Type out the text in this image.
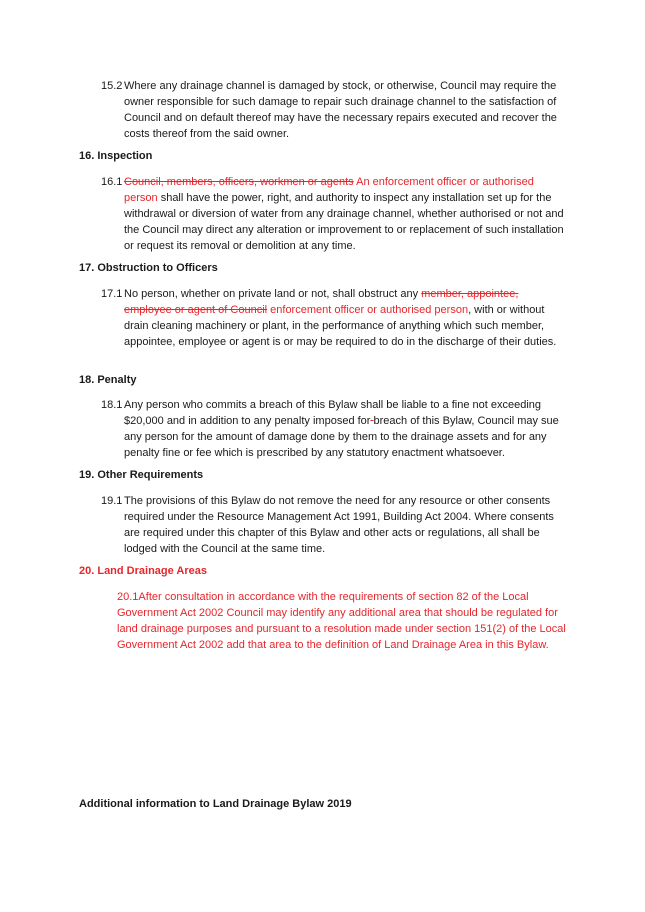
15.2 Where any drainage channel is damaged by stock, or otherwise, Council may require the owner responsible for such damage to repair such drainage channel to the satisfaction of Council and on default thereof may have the necessary repairs executed and recover the costs thereof from the said owner.

16. Inspection
16.1 Council, members, officers, workmen or agents An enforcement officer or authorised person shall have the power, right, and authority to inspect any installation set up for the withdrawal or diversion of water from any drainage channel, whether authorised or not and the Council may direct any alteration or improvement to or replacement of such installation or request its removal or demolition at any time.

17. Obstruction to Officers
17.1 No person, whether on private land or not, shall obstruct any member, appointee, employee or agent of Council enforcement officer or authorised person, with or without drain cleaning machinery or plant, in the performance of anything which such member, appointee, employee or agent is or may be required to do in the discharge of their duties.

18. Penalty
18.1 Any person who commits a breach of this Bylaw shall be liable to a fine not exceeding $20,000 and in addition to any penalty imposed for breach of this Bylaw, Council may sue any person for the amount of damage done by them to the drainage assets and for any penalty fine or fee which is prescribed by any statutory enactment whatsoever.

19. Other Requirements
19.1 The provisions of this Bylaw do not remove the need for any resource or other consents required under the Resource Management Act 1991, Building Act 2004. Where consents are required under this chapter of this Bylaw and other acts or regulations, all shall be lodged with the Council at the same time.

20. Land Drainage Areas

20.1After consultation in accordance with the requirements of section 82 of the Local Government Act 2002 Council may identify any additional area that should be regulated for land drainage purposes and pursuant to a resolution made under section 151(2) of the Local Government Act 2002 add that area to the definition of Land Drainage Area in this Bylaw.

Additional information to Land Drainage Bylaw 2019
